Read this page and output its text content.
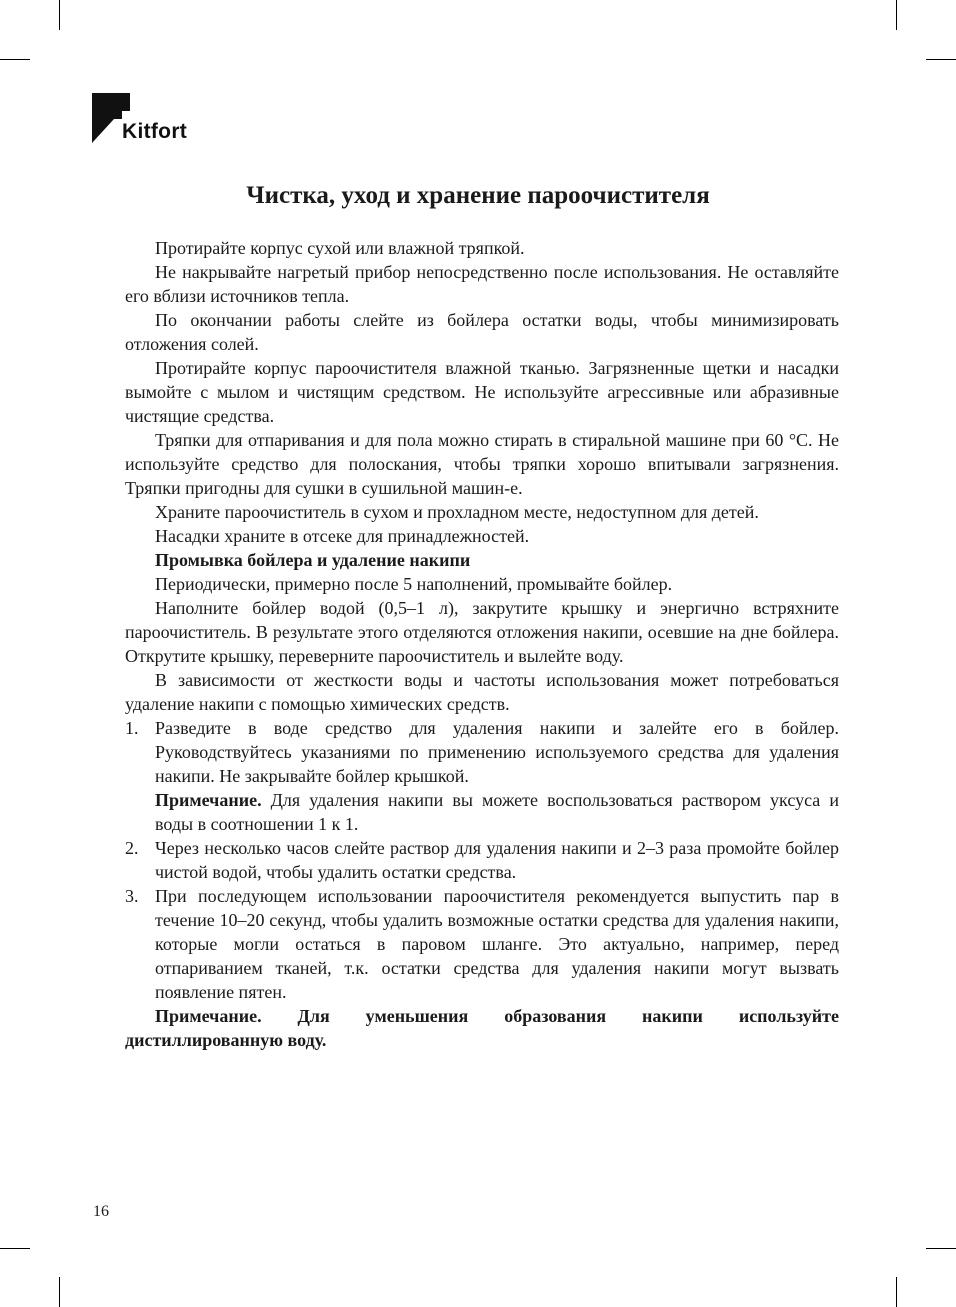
Kitfort
Чистка, уход и хранение пароочистителя

Протирайте корпус сухой или влажной тряпкой.

Не накрывайте нагретый прибор непосредственно после использования. Не оставляйте его вблизи источников тепла.

По окончании работы слейте из бойлера остатки воды, чтобы минимизировать отложения солей.

Протирайте корпус пароочистителя влажной тканью. Загрязненные щетки и насадки вымойте с мылом и чистящим средством. Не используйте агрессивные или абразивные чистящие средства.

Тряпки для отпаривания и для пола можно стирать в стиральной машине при 60 °С. Не используйте средство для полоскания, чтобы тряпки хорошо впитывали загрязнения. Тряпки пригодны для сушки в сушильной машин-е.

Храните пароочиститель в сухом и прохладном месте, недоступном для детей.

Насадки храните в отсеке для принадлежностей.

Промывка бойлера и удаление накипи

Периодически, примерно после 5 наполнений, промывайте бойлер.

Наполните бойлер водой (0,5–1 л), закрутите крышку и энергично встряхните пароочиститель. В результате этого отделяются отложения накипи, осевшие на дне бойлера. Открутите крышку, переверните пароочиститель и вылейте воду.

В зависимости от жесткости воды и частоты использования может потребоваться удаление накипи с помощью химических средств.

1. Разведите в воде средство для удаления накипи и залейте его в бойлер. Руководствуйтесь указаниями по применению используемого средства для удаления накипи. Не закрывайте бойлер крышкой.
Примечание. Для удаления накипи вы можете воспользоваться раствором уксуса и воды в соотношении 1 к 1.
2. Через несколько часов слейте раствор для удаления накипи и 2–3 раза промойте бойлер чистой водой, чтобы удалить остатки средства.
3. При последующем использовании пароочистителя рекомендуется выпустить пар в течение 10–20 секунд, чтобы удалить возможные остатки средства для удаления накипи, которые могли остаться в паровом шланге. Это актуально, например, перед отпариванием тканей, т.к. остатки средства для удаления накипи могут вызвать появление пятен.

Примечание. Для уменьшения образования накипи используйте дистиллированную воду.

16
